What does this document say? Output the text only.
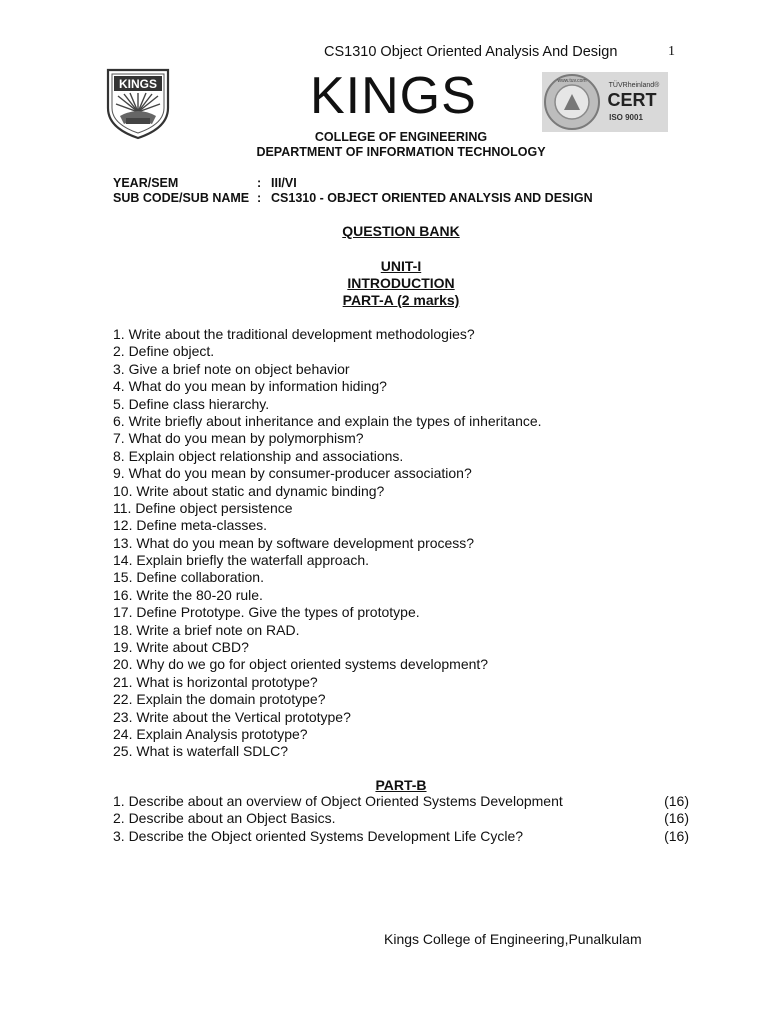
CS1310 Object Oriented Analysis And Design	1
KINGS	KINGS	www.tuv.com
TÜVRheinland®
CERT
ISO 9001
COLLEGE OF ENGINEERING
DEPARTMENT OF INFORMATION TECHNOLOGY
YEAR/SEM	: III/VI
SUB CODE/SUB NAME : CS1310 - OBJECT ORIENTED ANALYSIS AND DESIGN
QUESTION BANK
UNIT-I
INTRODUCTION
PART-A (2 marks)
1. Write about the traditional development methodologies?
2. Define object.
3. Give a brief note on object behavior
4. What do you mean by information hiding?
5. Define class hierarchy.
6. Write briefly about inheritance and explain the types of inheritance.
7. What do you mean by polymorphism?
8. Explain object relationship and associations.
9. What do you mean by consumer-producer association?
10. Write about static and dynamic binding?
11. Define object persistence
12. Define meta-classes.
13. What do you mean by software development process?
14. Explain briefly the waterfall approach.
15. Define collaboration.
16. Write the 80-20 rule.
17. Define Prototype. Give the types of prototype.
18. Write a brief note on RAD.
19. Write about CBD?
20. Why do we go for object oriented systems development?
21. What is horizontal prototype?
22. Explain the domain prototype?
23. Write about the Vertical prototype?
24. Explain Analysis prototype?
25. What is waterfall SDLC?
PART-B
1. Describe about an overview of Object Oriented Systems Development	(16)
2. Describe about an Object Basics.	(16)
3. Describe the Object oriented Systems Development Life Cycle?	(16)
Kings College of Engineering,Punalkulam
